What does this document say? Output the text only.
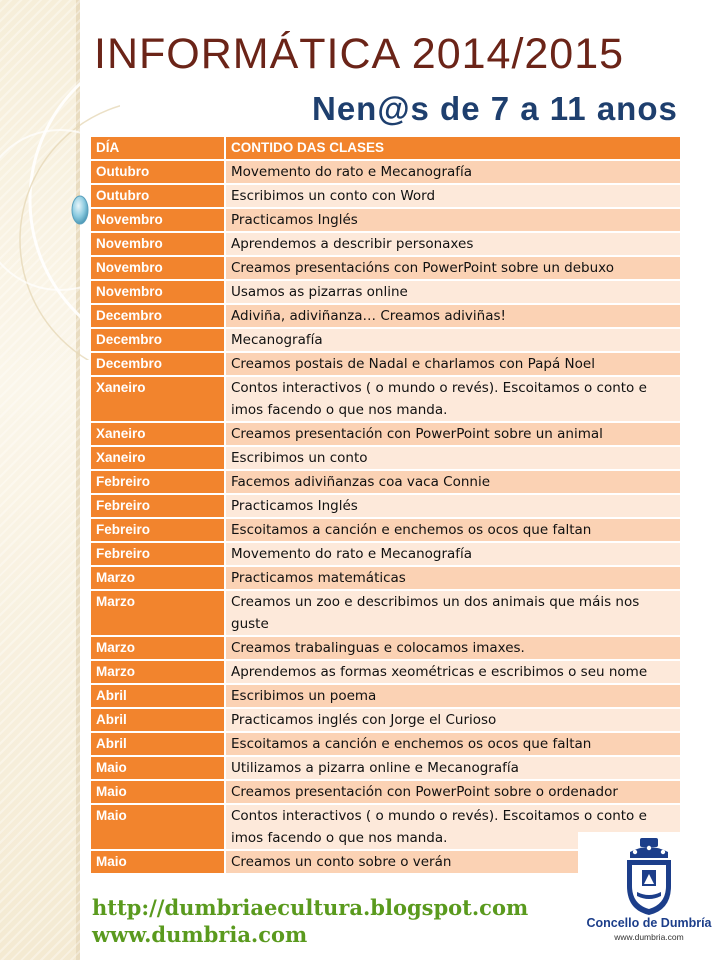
INFORMÁTICA 2014/2015
Nen@s de 7 a 11 anos
DÍA	CONTIDO DAS CLASES
Outubro	Movemento do rato e Mecanografía
Outubro	Escribimos un conto con Word
Novembro	Practicamos Inglés
Novembro	Aprendemos a describir personaxes
Novembro	Creamos presentacións con PowerPoint sobre un debuxo
Novembro	Usamos as pizarras online
Decembro	Adiviña, adiviñanza… Creamos adiviñas!
Decembro	Mecanografía
Decembro	Creamos postais de Nadal e charlamos con Papá Noel
Xaneiro	Contos interactivos ( o mundo o revés). Escoitamos o conto e imos facendo o que nos manda.
Xaneiro	Creamos presentación con PowerPoint sobre un animal
Xaneiro	Escribimos un conto
Febreiro	Facemos adiviñanzas coa vaca Connie
Febreiro	Practicamos Inglés
Febreiro	Escoitamos a canción e enchemos os ocos que faltan
Febreiro	Movemento do rato e Mecanografía
Marzo	Practicamos matemáticas
Marzo	Creamos un zoo e describimos un dos animais que máis nos guste
Marzo	Creamos trabalinguas e colocamos imaxes.
Marzo	Aprendemos as formas xeométricas e escribimos o seu nome
Abril	Escribimos un poema
Abril	Practicamos inglés con Jorge el Curioso
Abril	Escoitamos a canción e enchemos os ocos que faltan
Maio	Utilizamos a pizarra online e Mecanografía
Maio	Creamos presentación con PowerPoint sobre o ordenador
Maio	Contos interactivos ( o mundo o revés). Escoitamos o conto e imos facendo o que nos manda.
Maio	Creamos un conto sobre o verán
http://dumbriaecultura.blogspot.com
www.dumbria.com	Concello de Dumbría
www.dumbria.com
